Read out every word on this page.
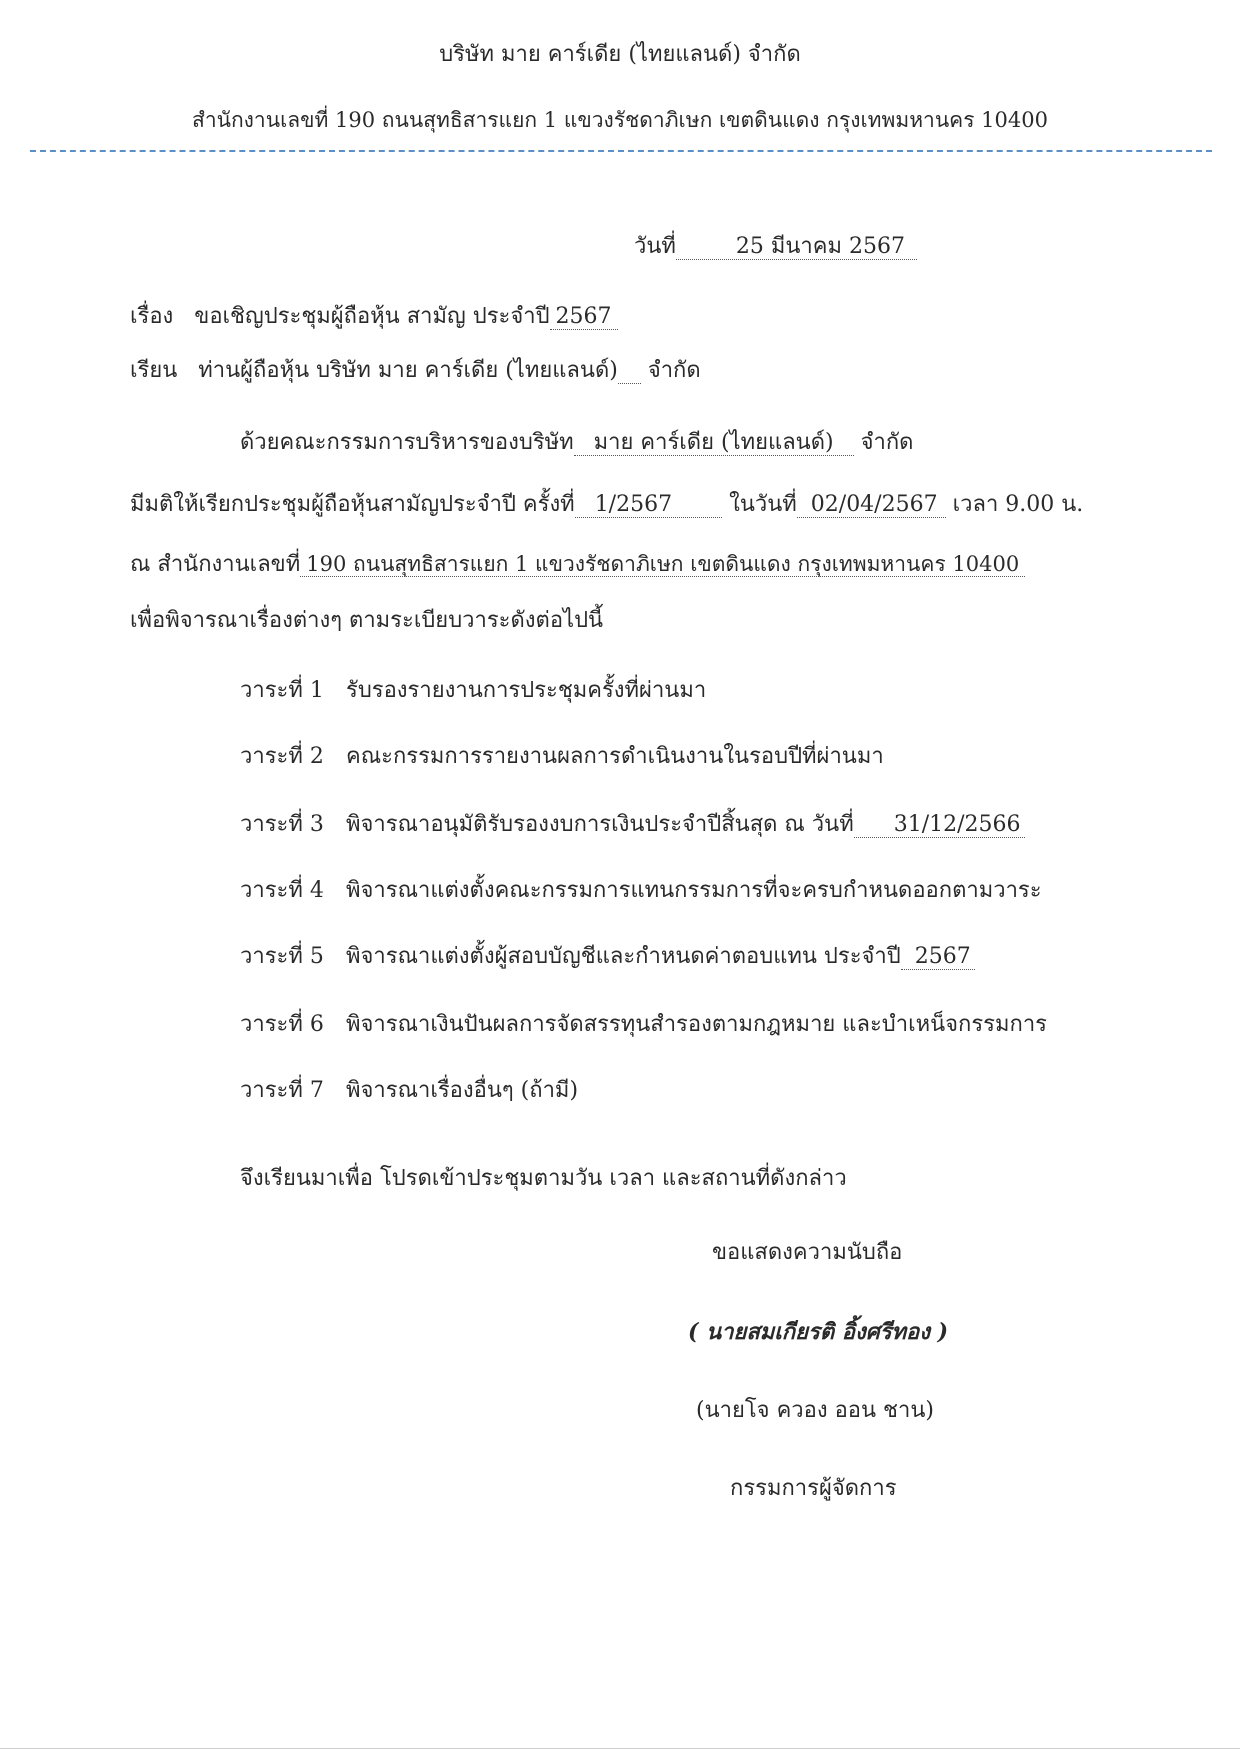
บริษัท มาย คาร์เดีย (ไทยแลนด์) จำกัด
สำนักงานเลขที่ 190 ถนนสุทธิสารแยก 1 แขวงรัชดาภิเษก เขตดินแดง กรุงเทพมหานคร 10400
วันที่	25 มีนาคม 2567
เรื่อง ขอเชิญประชุมผู้ถือหุ้น สามัญ ประจำปี 2567
เรียน ท่านผู้ถือหุ้น บริษัท มาย คาร์เดีย (ไทยแลนด์) จำกัด
ด้วยคณะกรรมการบริหารของบริษัท มาย คาร์เดีย (ไทยแลนด์) จำกัด
มีมติให้เรียกประชุมผู้ถือหุ้นสามัญประจำปี ครั้งที่ 1/2567	ในวันที่ 02/04/2567 เวลา 9.00 น.
ณ สำนักงานเลขที่ 190 ถนนสุทธิสารแยก 1 แขวงรัชดาภิเษก เขตดินแดง กรุงเทพมหานคร 10400
เพื่อพิจารณาเรื่องต่างๆ ตามระเบียบวาระดังต่อไปนี้
วาระที่ 1 รับรองรายงานการประชุมครั้งที่ผ่านมา
วาระที่ 2 คณะกรรมการรายงานผลการดำเนินงานในรอบปีที่ผ่านมา
วาระที่ 3 พิจารณาอนุมัติรับรองงบการเงินประจำปีสิ้นสุด ณ วันที่ 31/12/2566
วาระที่ 4 พิจารณาแต่งตั้งคณะกรรมการแทนกรรมการที่จะครบกำหนดออกตามวาระ
วาระที่ 5 พิจารณาแต่งตั้งผู้สอบบัญชีและกำหนดค่าตอบแทน ประจำปี 2567
วาระที่ 6 พิจารณาเงินปันผลการจัดสรรทุนสำรองตามกฎหมาย และบำเหน็จกรรมการ
วาระที่ 7 พิจารณาเรื่องอื่นๆ (ถ้ามี)
จึงเรียนมาเพื่อ โปรดเข้าประชุมตามวัน เวลา และสถานที่ดังกล่าว
ขอแสดงความนับถือ
( นายสมเกียรติ อิ้งศรีทอง )
(นายโจ ควอง ออน ชาน)
กรรมการผู้จัดการ
